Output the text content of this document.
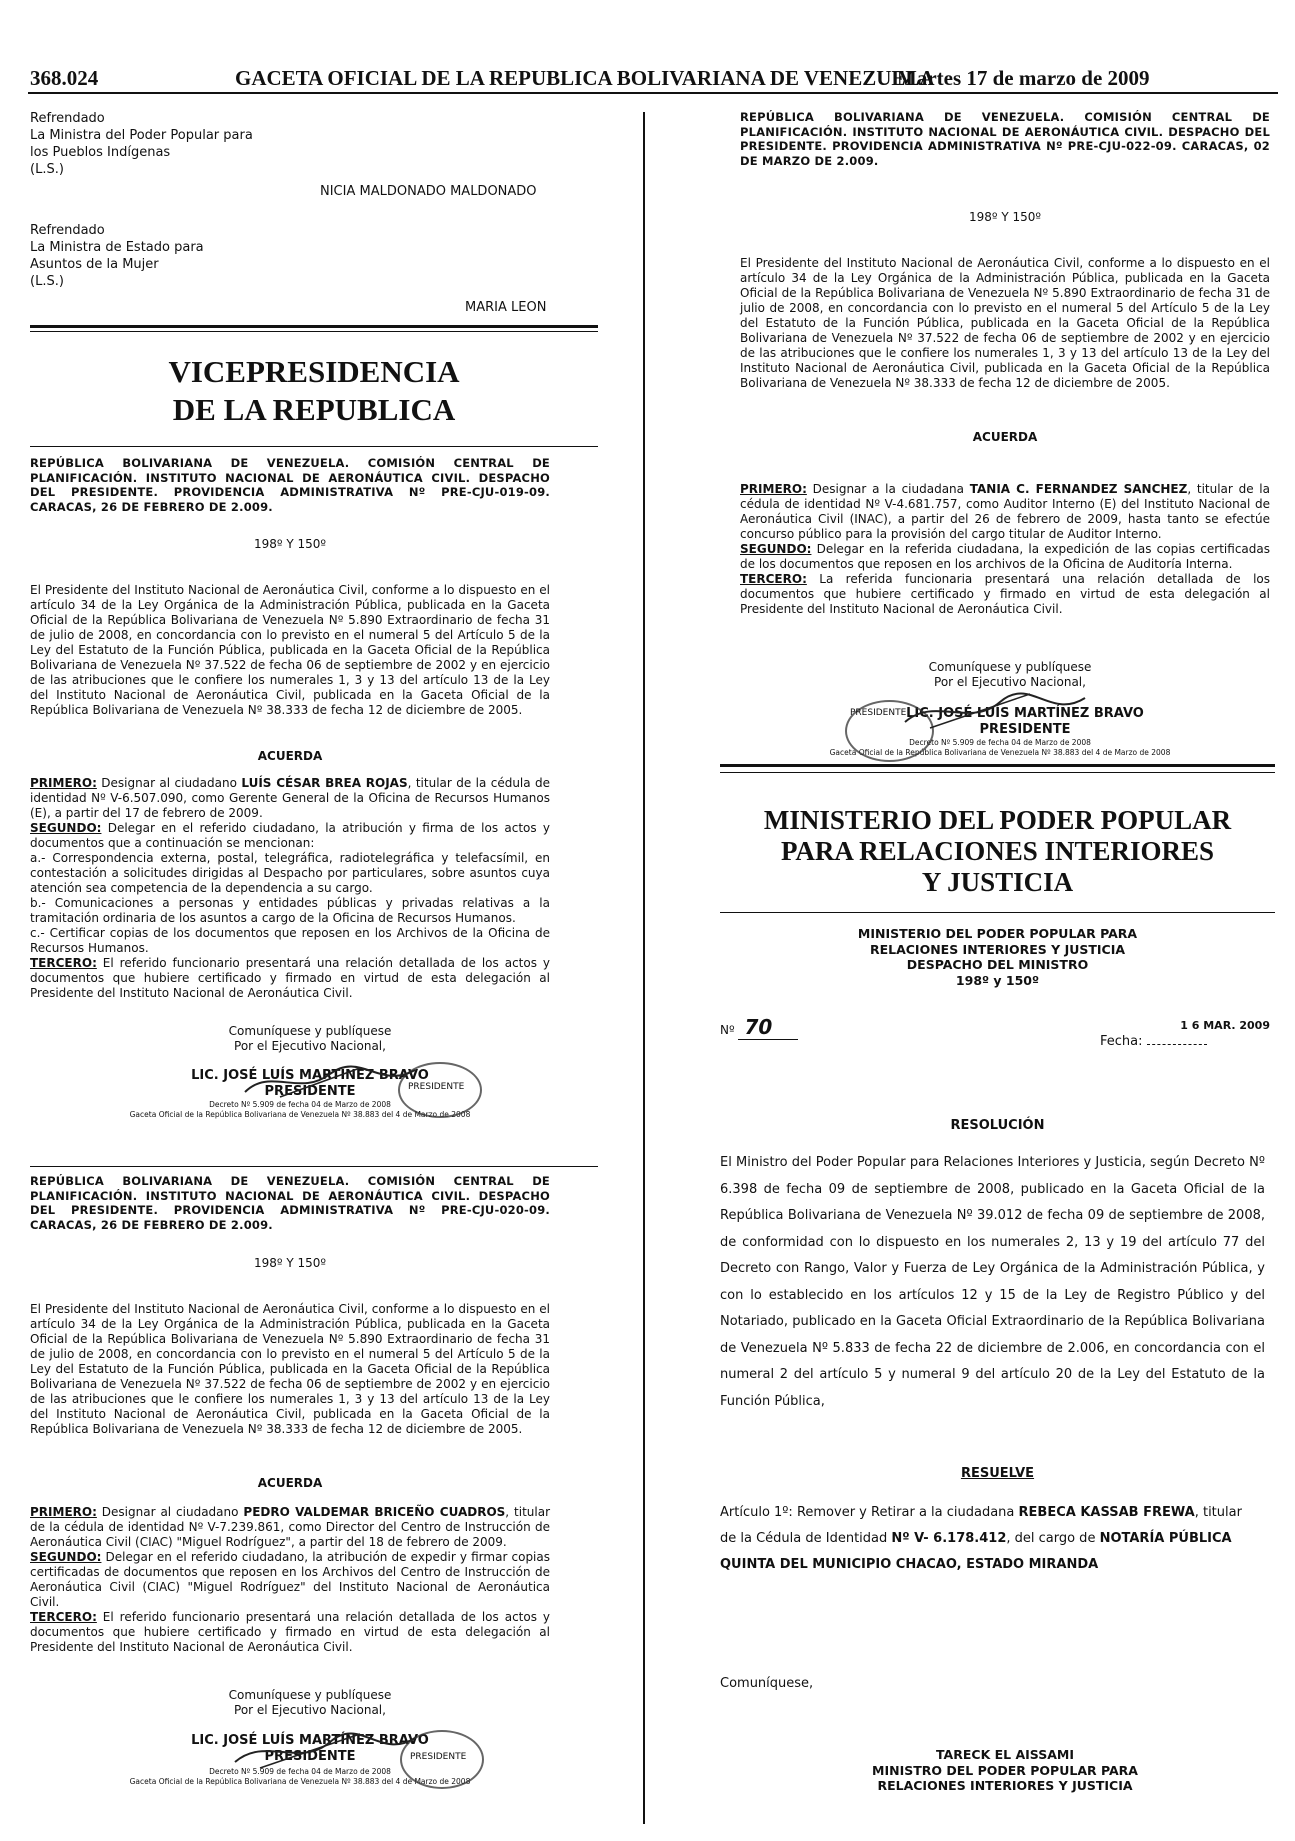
368.024	GACETA OFICIAL DE LA REPUBLICA BOLIVARIANA DE VENEZUELA
Martes 17 de marzo de 2009

Refrendado

La Ministra del Poder Popular para

los Pueblos Indígenas

(L.S.)

NICIA MALDONADO MALDONADO

Refrendado

La Ministra de Estado para

Asuntos de la Mujer

(L.S.)

MARIA LEON
VICEPRESIDENCIA
DE LA REPUBLICA
REPÚBLICA BOLIVARIANA DE VENEZUELA. COMISIÓN CENTRAL DE PLANIFICACIÓN. INSTITUTO NACIONAL DE AERONÁUTICA CIVIL. DESPACHO DEL PRESIDENTE. PROVIDENCIA ADMINISTRATIVA Nº PRE-CJU-019-09. CARACAS, 26 DE FEBRERO DE 2.009.
198º Y 150º
El Presidente del Instituto Nacional de Aeronáutica Civil, conforme a lo dispuesto en el artículo 34 de la Ley Orgánica de la Administración Pública, publicada en la Gaceta Oficial de la República Bolivariana de Venezuela Nº 5.890 Extraordinario de fecha 31 de julio de 2008, en concordancia con lo previsto en el numeral 5 del Artículo 5 de la Ley del Estatuto de la Función Pública, publicada en la Gaceta Oficial de la República Bolivariana de Venezuela Nº 37.522 de fecha 06 de septiembre de 2002 y en ejercicio de las atribuciones que le confiere los numerales 1, 3 y 13 del artículo 13 de la Ley del Instituto Nacional de Aeronáutica Civil, publicada en la Gaceta Oficial de la República Bolivariana de Venezuela Nº 38.333 de fecha 12 de diciembre de 2005.
ACUERDA

PRIMERO: Designar al ciudadano LUÍS CÉSAR BREA ROJAS, titular de la cédula de identidad Nº V-6.507.090, como Gerente General de la Oficina de Recursos Humanos (E), a partir del 17 de febrero de 2009.

SEGUNDO: Delegar en el referido ciudadano, la atribución y firma de los actos y documentos que a continuación se mencionan:

a.- Correspondencia externa, postal, telegráfica, radiotelegráfica y telefacsímil, en contestación a solicitudes dirigidas al Despacho por particulares, sobre asuntos cuya atención sea competencia de la dependencia a su cargo.

b.- Comunicaciones a personas y entidades públicas y privadas relativas a la tramitación ordinaria de los asuntos a cargo de la Oficina de Recursos Humanos.

c.- Certificar copias de los documentos que reposen en los Archivos de la Oficina de Recursos Humanos.

TERCERO: El referido funcionario presentará una relación detallada de los actos y documentos que hubiere certificado y firmado en virtud de esta delegación al Presidente del Instituto Nacional de Aeronáutica Civil.

Comuníquese y publíquese

Por el Ejecutivo Nacional,

LIC. JOSÉ LUÍS MARTÍNEZ BRAVO

PRESIDENTE

Decreto Nº 5.909 de fecha 04 de Marzo de 2008

Gaceta Oficial de la República Bolivariana de Venezuela Nº 38.883 del 4 de Marzo de 2008

PRESIDENTE
REPÚBLICA BOLIVARIANA DE VENEZUELA. COMISIÓN CENTRAL DE PLANIFICACIÓN. INSTITUTO NACIONAL DE AERONÁUTICA CIVIL. DESPACHO DEL PRESIDENTE. PROVIDENCIA ADMINISTRATIVA Nº PRE-CJU-020-09. CARACAS, 26 DE FEBRERO DE 2.009.
198º Y 150º
El Presidente del Instituto Nacional de Aeronáutica Civil, conforme a lo dispuesto en el artículo 34 de la Ley Orgánica de la Administración Pública, publicada en la Gaceta Oficial de la República Bolivariana de Venezuela Nº 5.890 Extraordinario de fecha 31 de julio de 2008, en concordancia con lo previsto en el numeral 5 del Artículo 5 de la Ley del Estatuto de la Función Pública, publicada en la Gaceta Oficial de la República Bolivariana de Venezuela Nº 37.522 de fecha 06 de septiembre de 2002 y en ejercicio de las atribuciones que le confiere los numerales 1, 3 y 13 del artículo 13 de la Ley del Instituto Nacional de Aeronáutica Civil, publicada en la Gaceta Oficial de la República Bolivariana de Venezuela Nº 38.333 de fecha 12 de diciembre de 2005.
ACUERDA

PRIMERO: Designar al ciudadano PEDRO VALDEMAR BRICEÑO CUADROS, titular de la cédula de identidad Nº V-7.239.861, como Director del Centro de Instrucción de Aeronáutica Civil (CIAC) "Miguel Rodríguez", a partir del 18 de febrero de 2009.

SEGUNDO: Delegar en el referido ciudadano, la atribución de expedir y firmar copias certificadas de documentos que reposen en los Archivos del Centro de Instrucción de Aeronáutica Civil (CIAC) "Miguel Rodríguez" del Instituto Nacional de Aeronáutica Civil.

TERCERO: El referido funcionario presentará una relación detallada de los actos y documentos que hubiere certificado y firmado en virtud de esta delegación al Presidente del Instituto Nacional de Aeronáutica Civil.

Comuníquese y publíquese

Por el Ejecutivo Nacional,

LIC. JOSÉ LUÍS MARTÍNEZ BRAVO

PRESIDENTE

Decreto Nº 5.909 de fecha 04 de Marzo de 2008

Gaceta Oficial de la República Bolivariana de Venezuela Nº 38.883 del 4 de Marzo de 2008

PRESIDENTE
REPÚBLICA BOLIVARIANA DE VENEZUELA. COMISIÓN CENTRAL DE PLANIFICACIÓN. INSTITUTO NACIONAL DE AERONÁUTICA CIVIL. DESPACHO DEL PRESIDENTE. PROVIDENCIA ADMINISTRATIVA Nº PRE-CJU-022-09. CARACAS, 02 DE MARZO DE 2.009.
198º Y 150º
El Presidente del Instituto Nacional de Aeronáutica Civil, conforme a lo dispuesto en el artículo 34 de la Ley Orgánica de la Administración Pública, publicada en la Gaceta Oficial de la República Bolivariana de Venezuela Nº 5.890 Extraordinario de fecha 31 de julio de 2008, en concordancia con lo previsto en el numeral 5 del Artículo 5 de la Ley del Estatuto de la Función Pública, publicada en la Gaceta Oficial de la República Bolivariana de Venezuela Nº 37.522 de fecha 06 de septiembre de 2002 y en ejercicio de las atribuciones que le confiere los numerales 1, 3 y 13 del artículo 13 de la Ley del Instituto Nacional de Aeronáutica Civil, publicada en la Gaceta Oficial de la República Bolivariana de Venezuela Nº 38.333 de fecha 12 de diciembre de 2005.
ACUERDA

PRIMERO: Designar a la ciudadana TANIA C. FERNANDEZ SANCHEZ, titular de la cédula de identidad Nº V-4.681.757, como Auditor Interno (E) del Instituto Nacional de Aeronáutica Civil (INAC), a partir del 26 de febrero de 2009, hasta tanto se efectúe concurso público para la provisión del cargo titular de Auditor Interno.

SEGUNDO: Delegar en la referida ciudadana, la expedición de las copias certificadas de los documentos que reposen en los archivos de la Oficina de Auditoría Interna.

TERCERO: La referida funcionaria presentará una relación detallada de los documentos que hubiere certificado y firmado en virtud de esta delegación al Presidente del Instituto Nacional de Aeronáutica Civil.

Comuníquese y publíquese

Por el Ejecutivo Nacional,

LIC. JOSÉ LUÍS MARTÍNEZ BRAVO

PRESIDENTE

Decreto Nº 5.909 de fecha 04 de Marzo de 2008

Gaceta Oficial de la República Bolivariana de Venezuela Nº 38.883 del 4 de Marzo de 2008

PRESIDENTE
MINISTERIO DEL PODER POPULAR
PARA RELACIONES INTERIORES
Y JUSTICIA

MINISTERIO DEL PODER POPULAR PARA

RELACIONES INTERIORES Y JUSTICIA

DESPACHO DEL MINISTRO

198º y 150º

Nº 70	1 6 MAR. 2009
Fecha:
RESOLUCIÓN
El Ministro del Poder Popular para Relaciones Interiores y Justicia, según Decreto Nº 6.398 de fecha 09 de septiembre de 2008, publicado en la Gaceta Oficial de la República Bolivariana de Venezuela Nº 39.012 de fecha 09 de septiembre de 2008, de conformidad con lo dispuesto en los numerales 2, 13 y 19 del artículo 77 del Decreto con Rango, Valor y Fuerza de Ley Orgánica de la Administración Pública, y con lo establecido en los artículos 12 y 15 de la Ley de Registro Público y del Notariado, publicado en la Gaceta Oficial Extraordinario de la República Bolivariana de Venezuela Nº 5.833 de fecha 22 de diciembre de 2.006, en concordancia con el numeral 2 del artículo 5 y numeral 9 del artículo 20 de la Ley del Estatuto de la Función Pública,
RESUELVE
Artículo 1º: Remover y Retirar a la ciudadana REBECA KASSAB FREWA, titular de la Cédula de Identidad Nº V- 6.178.412, del cargo de NOTARÍA PÚBLICA QUINTA DEL MUNICIPIO CHACAO, ESTADO MIRANDA
Comuníquese,

TARECK EL AISSAMI

MINISTRO DEL PODER POPULAR PARA

RELACIONES INTERIORES Y JUSTICIA
